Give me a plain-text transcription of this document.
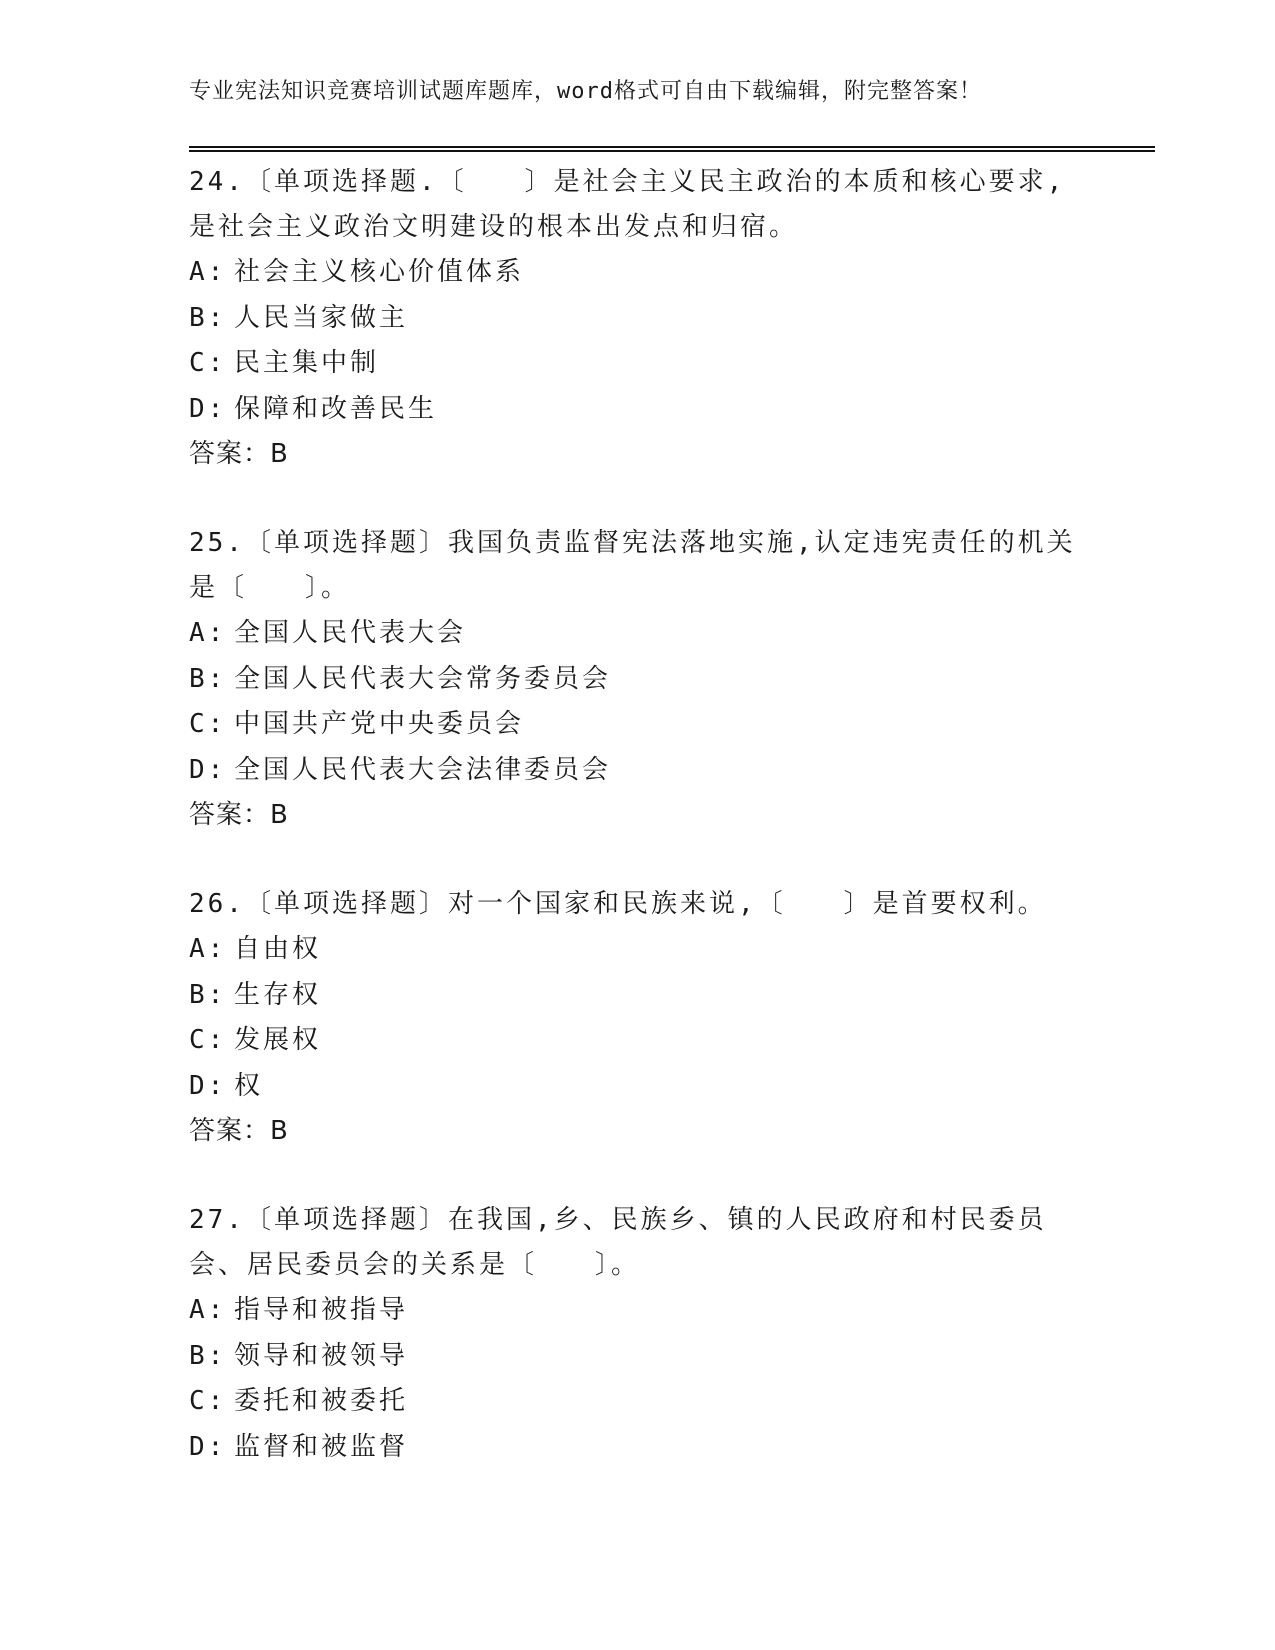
专业宪法知识竞赛培训试题库题库，word格式可自由下载编辑，附完整答案！

24.〔单项选择题.〔　　〕是社会主义民主政治的本质和核心要求,是社会主义政治文明建设的根本出发点和归宿。

A: 社会主义核心价值体系
B: 人民当家做主
C: 民主集中制
D: 保障和改善民生
答案：B

25.〔单项选择题〕我国负责监督宪法落地实施,认定违宪责任的机关是〔　　〕。

A: 全国人民代表大会
B: 全国人民代表大会常务委员会
C: 中国共产党中央委员会
D: 全国人民代表大会法律委员会
答案：B

26.〔单项选择题〕对一个国家和民族来说,〔　　〕是首要权利。

A: 自由权
B: 生存权
C: 发展权
D: 权
答案：B

27.〔单项选择题〕在我国,乡、民族乡、镇的人民政府和村民委员会、居民委员会的关系是〔　　〕。

A: 指导和被指导
B: 领导和被领导
C: 委托和被委托
D: 监督和被监督
